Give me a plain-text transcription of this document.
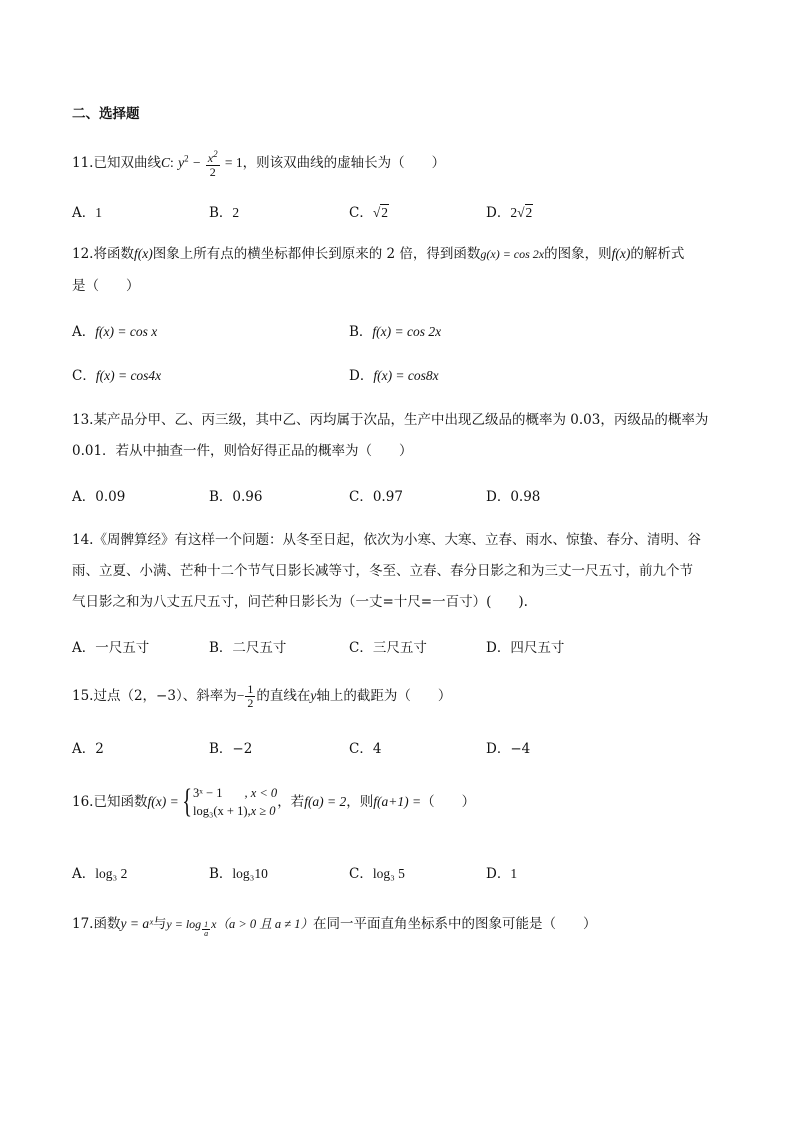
二、选择题
11.已知双曲线C: $y^2 - \frac{x^2}{2} = 1$，则该双曲线的虚轴长为（　　）
A．1	B．2	C．√2	D．2√2
12.将函数f(x)图象上所有点的横坐标都伸长到原来的 2 倍，得到函数g(x) = cos 2x的图象，则f(x)的解析式
是（　　）
A．f(x) = cos x	B．f(x) = cos 2x
C．f(x) = cos4x	D．f(x) = cos8x
13.某产品分甲、乙、丙三级，其中乙、丙均属于次品，生产中出现乙级品的概率为 0.03，丙级品的概率为
0.01．若从中抽查一件，则恰好得正品的概率为（　　）
A．0.09	B．0.96	C．0.97	D．0.98
14.《周髀算经》有这样一个问题：从冬至日起，依次为小寒、大寒、立春、雨水、惊蛰、春分、清明、谷
雨、立夏、小满、芒种十二个节气日影长减等寸，冬至、立春、春分日影之和为三丈一尺五寸，前九个节
气日影之和为八丈五尺五寸，问芒种日影长为（一丈=十尺=一百寸）(　　).
A．一尺五寸	B．二尺五寸	C．三尺五寸	D．四尺五寸
15.过点（2，−3）、斜率为− $\frac{1}{2}$ 的直线在y轴上的截距为（　　）
A．2	B．−2	C．4	D．−4
16.已知函数f(x) ={ 3ˣ − 1 , x < 0
log₃(x + 1),x ≥ 0
，若f(a) = 2，则f(a+1) =（　　）
A．log₃ 2	B．log₃10	C．log₃ 5	D．1
17.函数y = aˣ与$y = \log \frac{1}{a} x(a > 0$ 且 a ≠ 1）在同一平面直角坐标系中的图象可能是（　　）
